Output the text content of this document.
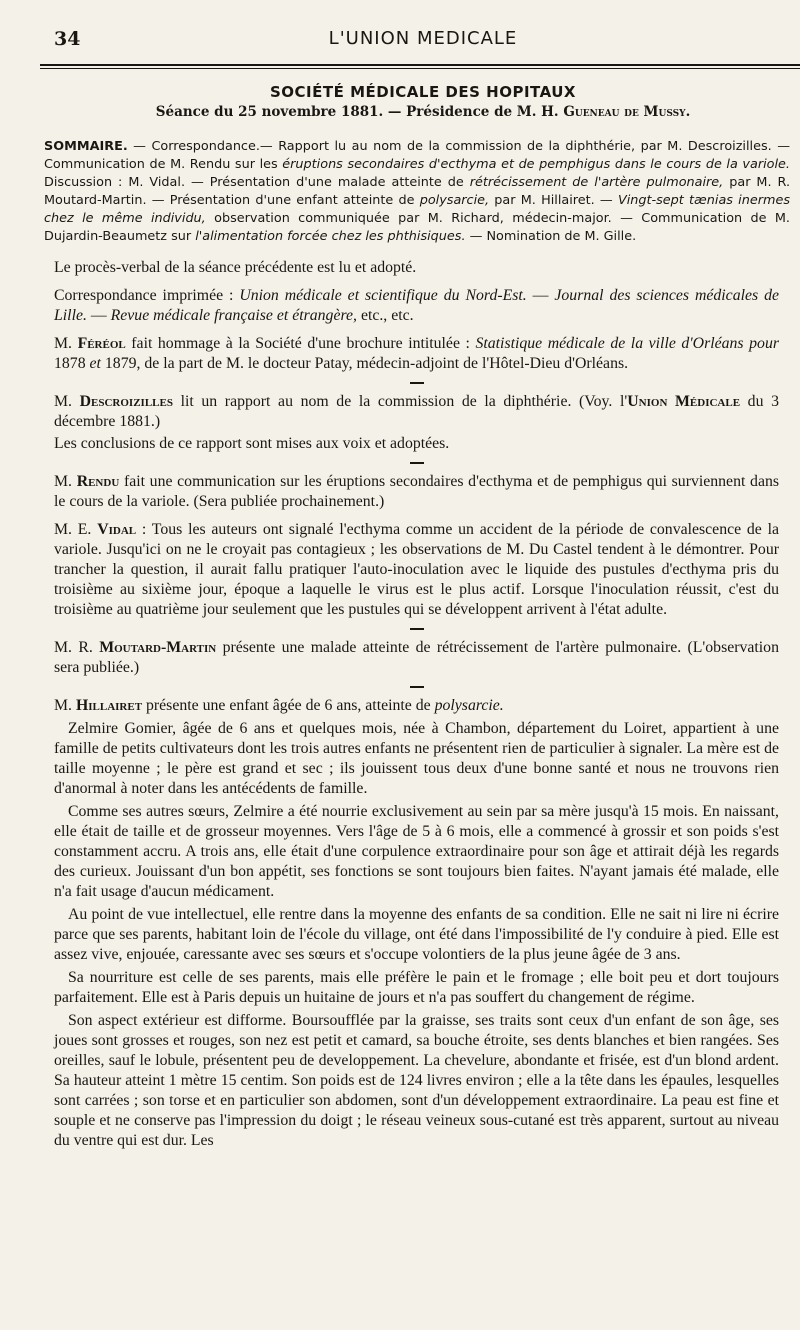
34	L'UNION MEDICALE
SOCIÉTÉ MÉDICALE DES HOPITAUX
Séance du 25 novembre 1881. — Présidence de M. H. Gueneau de Mussy.
SOMMAIRE. — Correspondance.— Rapport lu au nom de la commission de la diphthérie, par M. Descroizilles. — Communication de M. Rendu sur les éruptions secondaires d'ecthyma et de pemphigus dans le cours de la variole. Discussion : M. Vidal. — Présentation d'une malade atteinte de rétrécissement de l'artère pulmonaire, par M. R. Moutard-Martin. — Présentation d'une enfant atteinte de polysarcie, par M. Hillairet. — Vingt-sept tænias inermes chez le même individu, observation communiquée par M. Richard, médecin-major. — Communication de M. Dujardin-Beaumetz sur l'alimentation forcée chez les phthisiques. — Nomination de M. Gille.

Le procès-verbal de la séance précédente est lu et adopté.

Correspondance imprimée : Union médicale et scientifique du Nord-Est. — Journal des sciences médicales de Lille. — Revue médicale française et étrangère, etc., etc.

M. Féréol fait hommage à la Société d'une brochure intitulée : Statistique médicale de la ville d'Orléans pour 1878 et 1879, de la part de M. le docteur Patay, médecin-adjoint de l'Hôtel-Dieu d'Orléans.

M. Descroizilles lit un rapport au nom de la commission de la diphthérie. (Voy. l'Union Médicale du 3 décembre 1881.)

Les conclusions de ce rapport sont mises aux voix et adoptées.

M. Rendu fait une communication sur les éruptions secondaires d'ecthyma et de pemphigus qui surviennent dans le cours de la variole. (Sera publiée prochainement.)

M. E. Vidal : Tous les auteurs ont signalé l'ecthyma comme un accident de la période de convalescence de la variole. Jusqu'ici on ne le croyait pas contagieux ; les observations de M. Du Castel tendent à le démontrer. Pour trancher la question, il aurait fallu pratiquer l'auto-inoculation avec le liquide des pustules d'ecthyma pris du troisième au sixième jour, époque a laquelle le virus est le plus actif. Lorsque l'inoculation réussit, c'est du troisième au quatrième jour seulement que les pustules qui se développent arrivent à l'état adulte.

M. R. Moutard-Martin présente une malade atteinte de rétrécissement de l'artère pulmonaire. (L'observation sera publiée.)

M. Hillairet présente une enfant âgée de 6 ans, atteinte de polysarcie.

Zelmire Gomier, âgée de 6 ans et quelques mois, née à Chambon, département du Loiret, appartient à une famille de petits cultivateurs dont les trois autres enfants ne présentent rien de particulier à signaler. La mère est de taille moyenne ; le père est grand et sec ; ils jouissent tous deux d'une bonne santé et nous ne trouvons rien d'anormal à noter dans les antécédents de famille.

Comme ses autres sœurs, Zelmire a été nourrie exclusivement au sein par sa mère jusqu'à 15 mois. En naissant, elle était de taille et de grosseur moyennes. Vers l'âge de 5 à 6 mois, elle a commencé à grossir et son poids s'est constamment accru. A trois ans, elle était d'une corpulence extraordinaire pour son âge et attirait déjà les regards des curieux. Jouissant d'un bon appétit, ses fonctions se sont toujours bien faites. N'ayant jamais été malade, elle n'a fait usage d'aucun médicament.

Au point de vue intellectuel, elle rentre dans la moyenne des enfants de sa condition. Elle ne sait ni lire ni écrire parce que ses parents, habitant loin de l'école du village, ont été dans l'impossibilité de l'y conduire à pied. Elle est assez vive, enjouée, caressante avec ses sœurs et s'occupe volontiers de la plus jeune âgée de 3 ans.

Sa nourriture est celle de ses parents, mais elle préfère le pain et le fromage ; elle boit peu et dort toujours parfaitement. Elle est à Paris depuis un huitaine de jours et n'a pas souffert du changement de régime.

Son aspect extérieur est difforme. Boursoufflée par la graisse, ses traits sont ceux d'un enfant de son âge, ses joues sont grosses et rouges, son nez est petit et camard, sa bouche étroite, ses dents blanches et bien rangées. Ses oreilles, sauf le lobule, présentent peu de developpement. La chevelure, abondante et frisée, est d'un blond ardent. Sa hauteur atteint 1 mètre 15 centim. Son poids est de 124 livres environ ; elle a la tête dans les épaules, lesquelles sont carrées ; son torse et en particulier son abdomen, sont d'un développement extraordinaire. La peau est fine et souple et ne conserve pas l'impression du doigt ; le réseau veineux sous-cutané est très apparent, surtout au niveau du ventre qui est dur. Les
